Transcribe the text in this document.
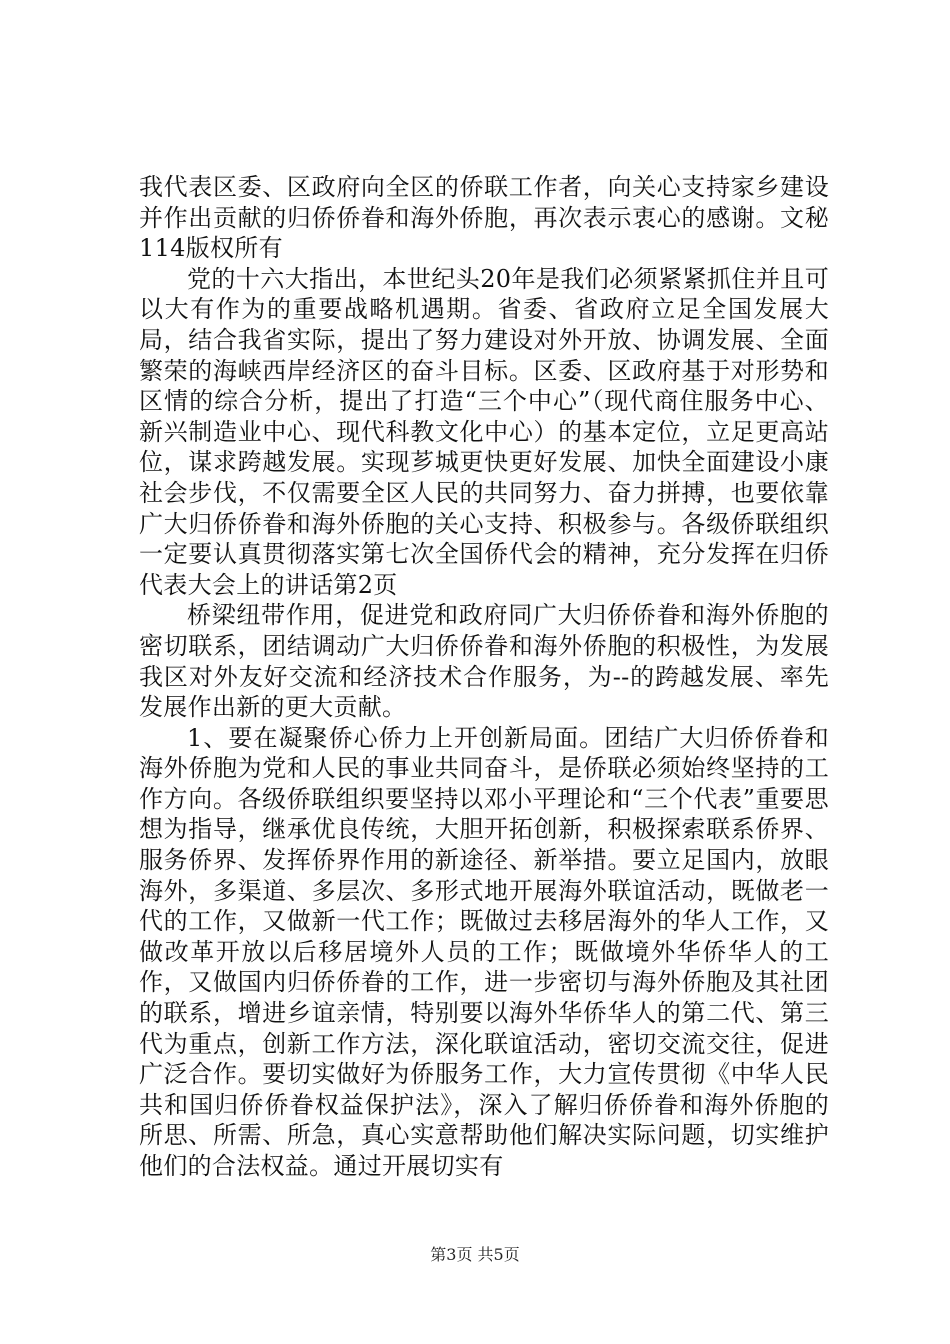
我代表区委、区政府向全区的侨联工作者，向关心支持家乡建设并作出贡献的归侨侨眷和海外侨胞，再次表示衷心的感谢。文秘114版权所有

党的十六大指出，本世纪头20年是我们必须紧紧抓住并且可以大有作为的重要战略机遇期。省委、省政府立足全国发展大局，结合我省实际，提出了努力建设对外开放、协调发展、全面繁荣的海峡西岸经济区的奋斗目标。区委、区政府基于对形势和区情的综合分析，提出了打造“三个中心”（现代商住服务中心、新兴制造业中心、现代科教文化中心）的基本定位，立足更高站位，谋求跨越发展。实现芗城更快更好发展、加快全面建设小康社会步伐，不仅需要全区人民的共同努力、奋力拼搏，也要依靠广大归侨侨眷和海外侨胞的关心支持、积极参与。各级侨联组织一定要认真贯彻落实第七次全国侨代会的精神，充分发挥在归侨代表大会上的讲话第2页

桥梁纽带作用，促进党和政府同广大归侨侨眷和海外侨胞的密切联系，团结调动广大归侨侨眷和海外侨胞的积极性，为发展我区对外友好交流和经济技术合作服务，为--的跨越发展、率先发展作出新的更大贡献。

1、要在凝聚侨心侨力上开创新局面。团结广大归侨侨眷和海外侨胞为党和人民的事业共同奋斗，是侨联必须始终坚持的工作方向。各级侨联组织要坚持以邓小平理论和“三个代表”重要思想为指导，继承优良传统，大胆开拓创新，积极探索联系侨界、服务侨界、发挥侨界作用的新途径、新举措。要立足国内，放眼海外，多渠道、多层次、多形式地开展海外联谊活动，既做老一代的工作，又做新一代工作；既做过去移居海外的华人工作，又做改革开放以后移居境外人员的工作；既做境外华侨华人的工作，又做国内归侨侨眷的工作，进一步密切与海外侨胞及其社团的联系，增进乡谊亲情，特别要以海外华侨华人的第二代、第三代为重点，创新工作方法，深化联谊活动，密切交流交往，促进广泛合作。要切实做好为侨服务工作，大力宣传贯彻《中华人民共和国归侨侨眷权益保护法》，深入了解归侨侨眷和海外侨胞的所思、所需、所急，真心实意帮助他们解决实际问题，切实维护他们的合法权益。通过开展切实有

第3页 共5页
